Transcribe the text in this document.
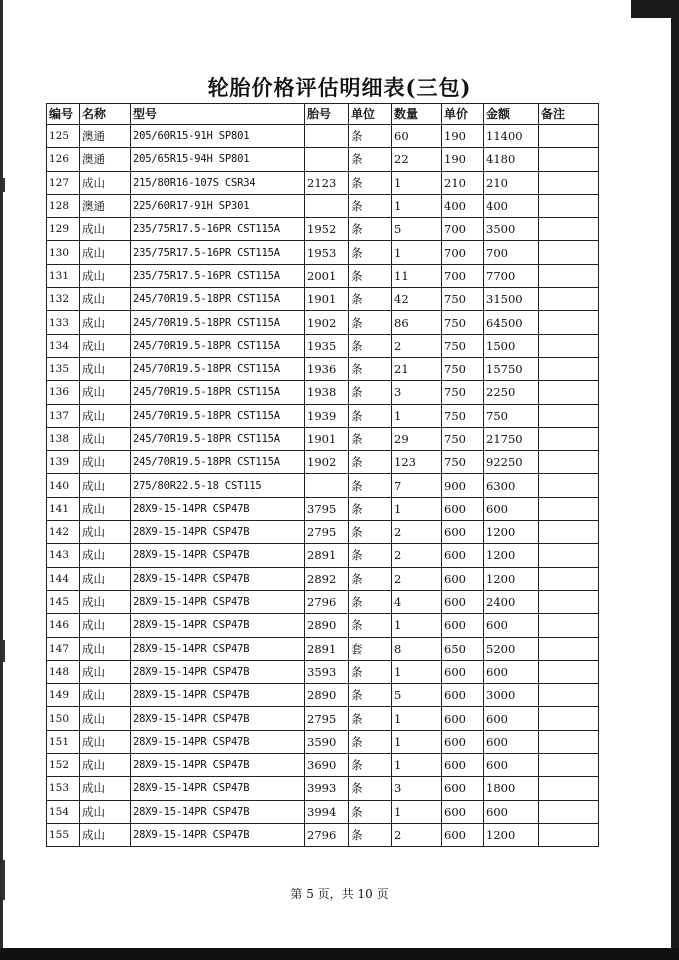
轮胎价格评估明细表(三包)
编号	名称	型号	胎号	单位	数量	单价	金额	备注
125	澳通	205/60R15-91H SP801		条	60	190	11400	
126	澳通	205/65R15-94H SP801		条	22	190	4180	
127	成山	215/80R16-107S CSR34	2123	条	1	210	210	
128	澳通	225/60R17-91H SP301		条	1	400	400	
129	成山	235/75R17.5-16PR CST115A	1952	条	5	700	3500	
130	成山	235/75R17.5-16PR CST115A	1953	条	1	700	700	
131	成山	235/75R17.5-16PR CST115A	2001	条	11	700	7700	
132	成山	245/70R19.5-18PR CST115A	1901	条	42	750	31500	
133	成山	245/70R19.5-18PR CST115A	1902	条	86	750	64500	
134	成山	245/70R19.5-18PR CST115A	1935	条	2	750	1500	
135	成山	245/70R19.5-18PR CST115A	1936	条	21	750	15750	
136	成山	245/70R19.5-18PR CST115A	1938	条	3	750	2250	
137	成山	245/70R19.5-18PR CST115A	1939	条	1	750	750	
138	成山	245/70R19.5-18PR CST115A	1901	条	29	750	21750	
139	成山	245/70R19.5-18PR CST115A	1902	条	123	750	92250	
140	成山	275/80R22.5-18 CST115		条	7	900	6300	
141	成山	28X9-15-14PR CSP47B	3795	条	1	600	600	
142	成山	28X9-15-14PR CSP47B	2795	条	2	600	1200	
143	成山	28X9-15-14PR CSP47B	2891	条	2	600	1200	
144	成山	28X9-15-14PR CSP47B	2892	条	2	600	1200	
145	成山	28X9-15-14PR CSP47B	2796	条	4	600	2400	
146	成山	28X9-15-14PR CSP47B	2890	条	1	600	600	
147	成山	28X9-15-14PR CSP47B	2891	套	8	650	5200	
148	成山	28X9-15-14PR CSP47B	3593	条	1	600	600	
149	成山	28X9-15-14PR CSP47B	2890	条	5	600	3000	
150	成山	28X9-15-14PR CSP47B	2795	条	1	600	600	
151	成山	28X9-15-14PR CSP47B	3590	条	1	600	600	
152	成山	28X9-15-14PR CSP47B	3690	条	1	600	600	
153	成山	28X9-15-14PR CSP47B	3993	条	3	600	1800	
154	成山	28X9-15-14PR CSP47B	3994	条	1	600	600	
155	成山	28X9-15-14PR CSP47B	2796	条	2	600	1200	
第 5 页，共 10 页
